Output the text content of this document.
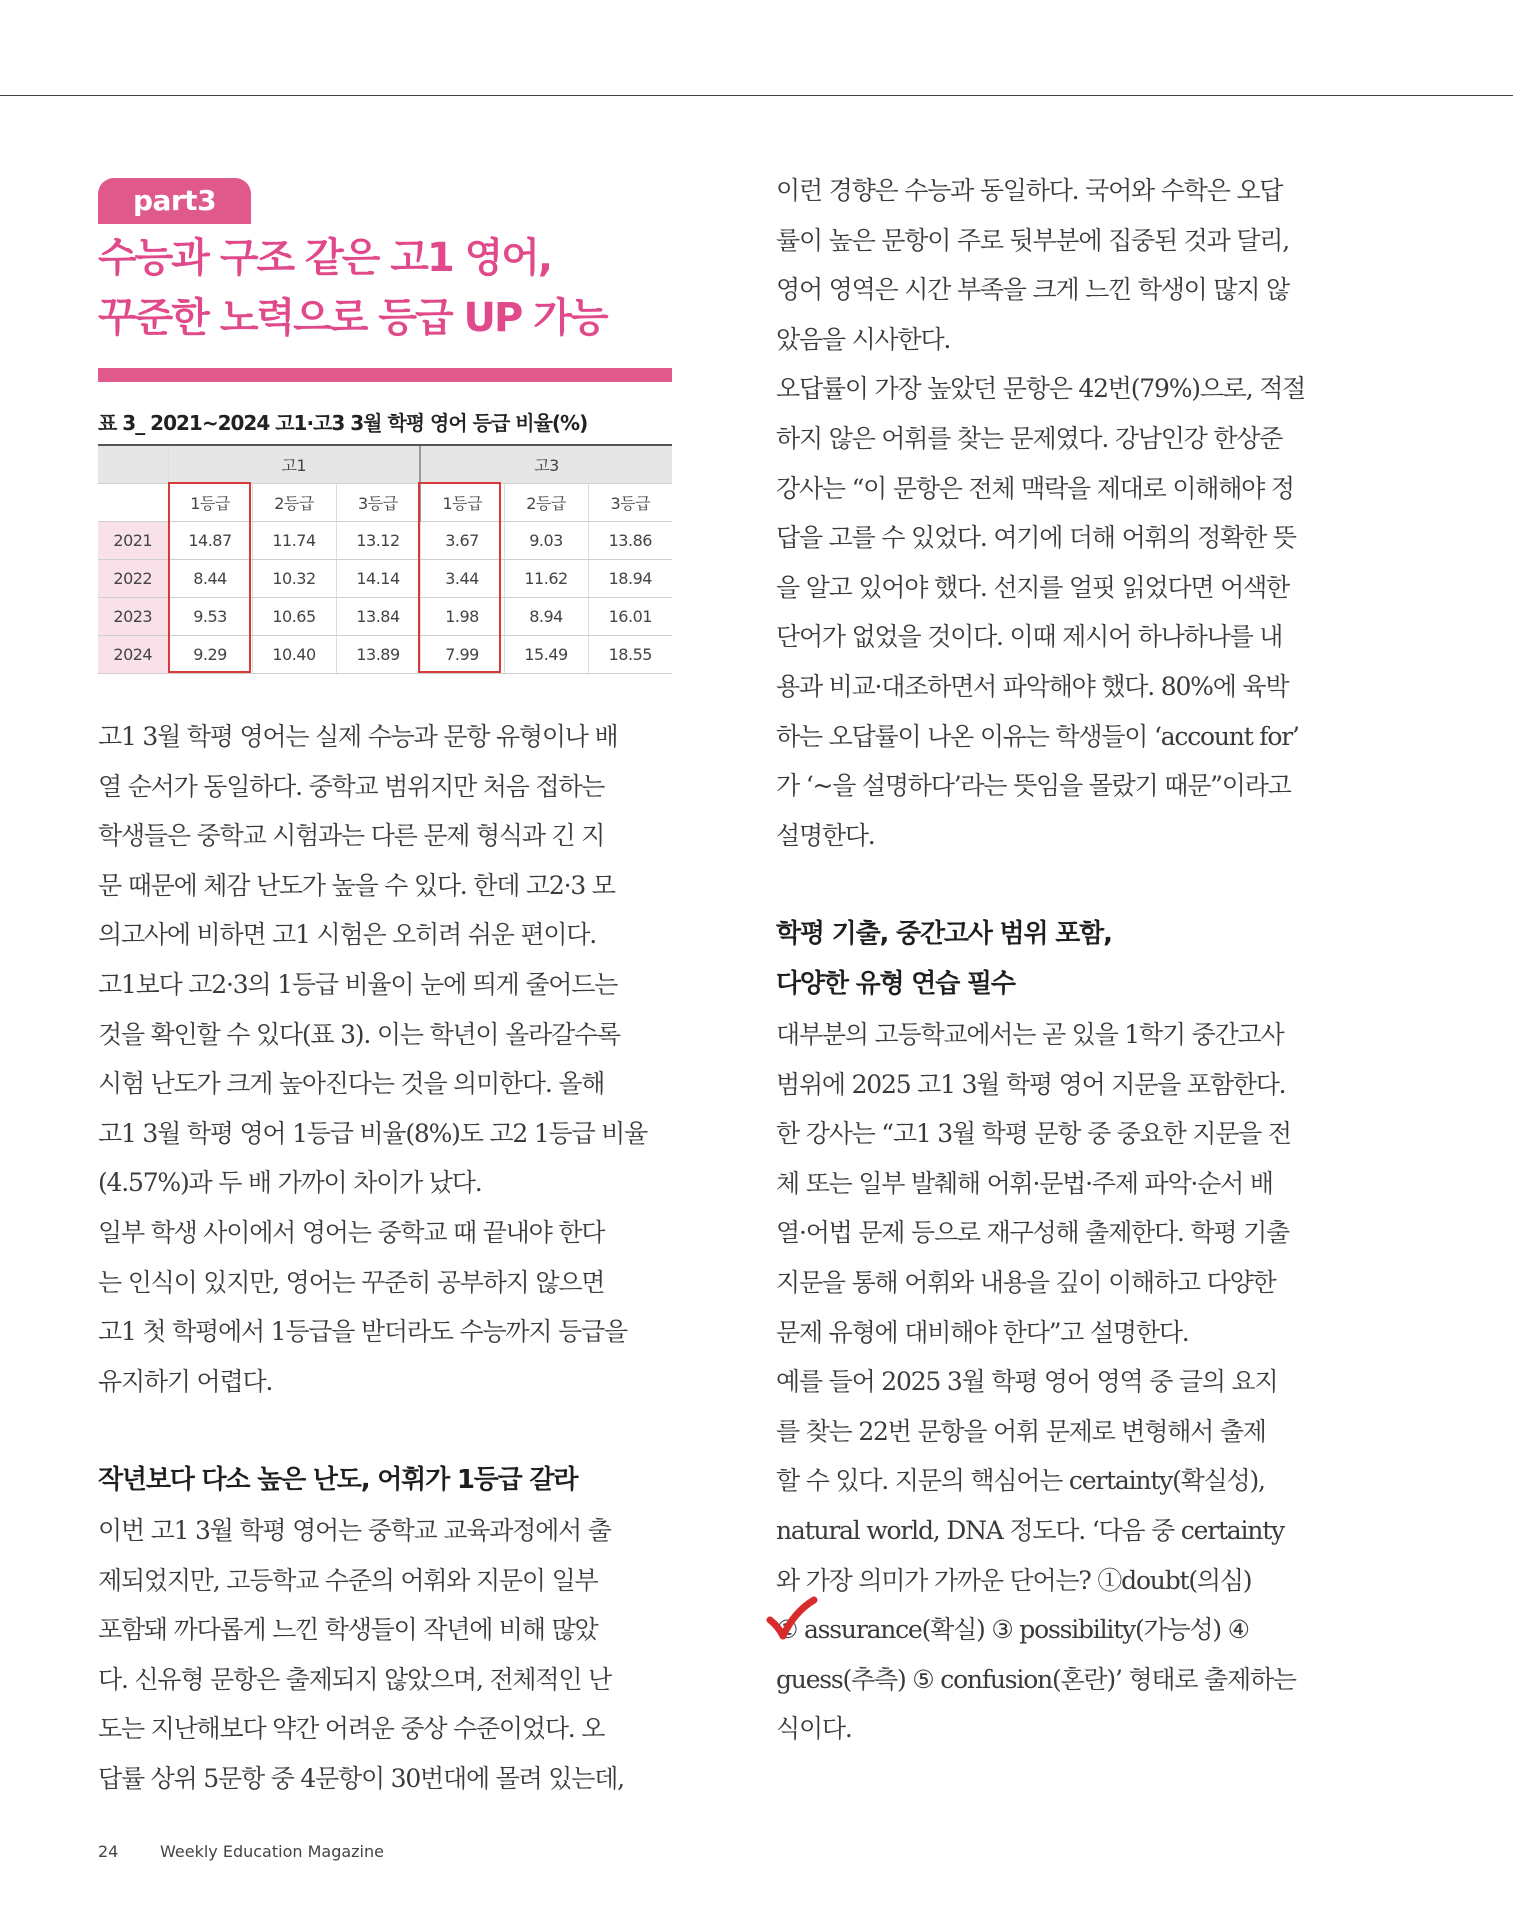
part3
수능과 구조 같은 고1 영어,
꾸준한 노력으로 등급 UP 가능
표 3_ 2021~2024 고1·고3 3월 학평 영어 등급 비율(%)
	고1			고3		
	1등급	2등급	3등급	1등급	2등급	3등급
2021	14.87	11.74	13.12	3.67	9.03	13.86
2022	8.44	10.32	14.14	3.44	11.62	18.94
2023	9.53	10.65	13.84	1.98	8.94	16.01
2024	9.29	10.40	13.89	7.99	15.49	18.55
고1 3월 학평 영어는 실제 수능과 문항 유형이나 배
열 순서가 동일하다. 중학교 범위지만 처음 접하는
학생들은 중학교 시험과는 다른 문제 형식과 긴 지
문 때문에 체감 난도가 높을 수 있다. 한데 고2·3 모
의고사에 비하면 고1 시험은 오히려 쉬운 편이다.
고1보다 고2·3의 1등급 비율이 눈에 띄게 줄어드는
것을 확인할 수 있다(표 3). 이는 학년이 올라갈수록
시험 난도가 크게 높아진다는 것을 의미한다. 올해
고1 3월 학평 영어 1등급 비율(8%)도 고2 1등급 비율
(4.57%)과 두 배 가까이 차이가 났다.
일부 학생 사이에서 영어는 중학교 때 끝내야 한다
는 인식이 있지만, 영어는 꾸준히 공부하지 않으면
고1 첫 학평에서 1등급을 받더라도 수능까지 등급을
유지하기 어렵다.
작년보다 다소 높은 난도, 어휘가 1등급 갈라
이번 고1 3월 학평 영어는 중학교 교육과정에서 출
제되었지만, 고등학교 수준의 어휘와 지문이 일부
포함돼 까다롭게 느낀 학생들이 작년에 비해 많았
다. 신유형 문항은 출제되지 않았으며, 전체적인 난
도는 지난해보다 약간 어려운 중상 수준이었다. 오
답률 상위 5문항 중 4문항이 30번대에 몰려 있는데,
이런 경향은 수능과 동일하다. 국어와 수학은 오답
률이 높은 문항이 주로 뒷부분에 집중된 것과 달리,
영어 영역은 시간 부족을 크게 느낀 학생이 많지 않
았음을 시사한다.
오답률이 가장 높았던 문항은 42번(79%)으로, 적절
하지 않은 어휘를 찾는 문제였다. 강남인강 한상준
강사는 “이 문항은 전체 맥락을 제대로 이해해야 정
답을 고를 수 있었다. 여기에 더해 어휘의 정확한 뜻
을 알고 있어야 했다. 선지를 얼핏 읽었다면 어색한
단어가 없었을 것이다. 이때 제시어 하나하나를 내
용과 비교·대조하면서 파악해야 했다. 80%에 육박
하는 오답률이 나온 이유는 학생들이 ‘account for’
가 ‘~을 설명하다’라는 뜻임을 몰랐기 때문”이라고
설명한다.
학평 기출, 중간고사 범위 포함,
다양한 유형 연습 필수
대부분의 고등학교에서는 곧 있을 1학기 중간고사
범위에 2025 고1 3월 학평 영어 지문을 포함한다.
한 강사는 “고1 3월 학평 문항 중 중요한 지문을 전
체 또는 일부 발췌해 어휘·문법·주제 파악·순서 배
열·어법 문제 등으로 재구성해 출제한다. 학평 기출
지문을 통해 어휘와 내용을 깊이 이해하고 다양한
문제 유형에 대비해야 한다”고 설명한다.
예를 들어 2025 3월 학평 영어 영역 중 글의 요지
를 찾는 22번 문항을 어휘 문제로 변형해서 출제
할 수 있다. 지문의 핵심어는 certainty(확실성),
natural world, DNA 정도다. ‘다음 중 certainty
와 가장 의미가 가까운 단어는? ①doubt(의심)
② assurance(확실) ③ possibility(가능성) ④
guess(추측) ⑤ confusion(혼란)’ 형태로 출제하는
식이다.
24	Weekly Education Magazine
